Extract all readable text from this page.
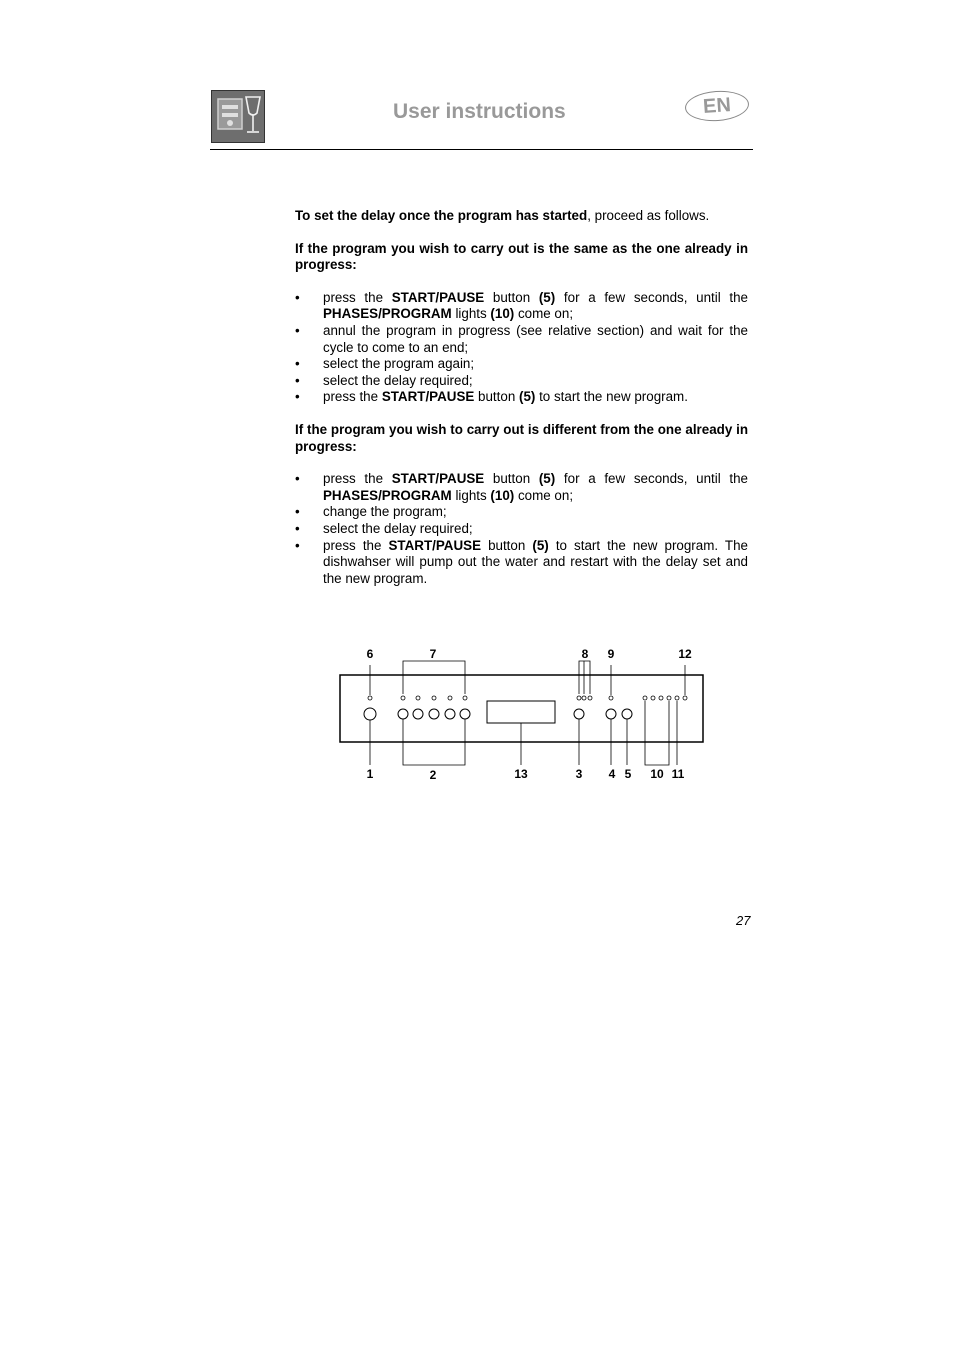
User instructions	EN

To set the delay once the program has started, proceed as follows.

If the program you wish to carry out is the same as the one already in progress:

• press the START/PAUSE button (5) for a few seconds, until the PHASES/PROGRAM lights (10) come on;
• annul the program in progress (see relative section) and wait for the cycle to come to an end;
• select the program again;
• select the delay required;
• press the START/PAUSE button (5) to start the new program.

If the program you wish to carry out is different from the one already in progress:

• press the START/PAUSE button (5) for a few seconds, until the PHASES/PROGRAM lights (10) come on;
• change the program;
• select the delay required;
• press the START/PAUSE button (5) to start the new program. The dishwahser will pump out the water and restart with the delay set and the new program.
6	7	8 9	12
1	2	13	3 4 5 10 11
27
